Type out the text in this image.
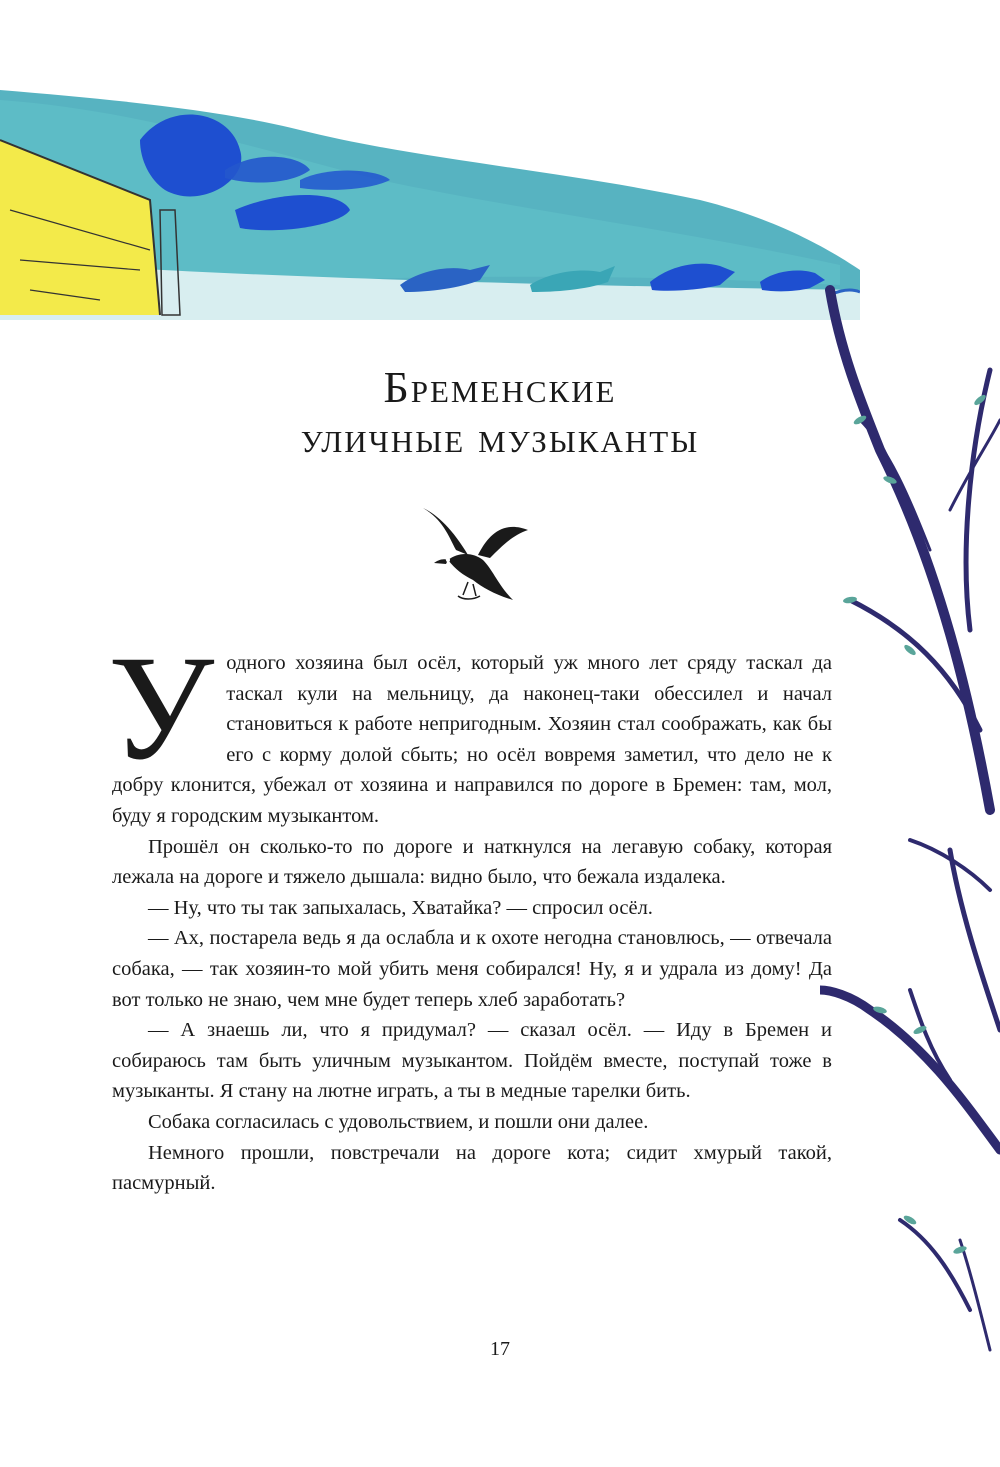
Бременские
уличные музыканты

Уодного хозяина был осёл, который уж много лет сряду таскал да таскал кули на мельницу, да наконец-таки обессилел и начал становиться к работе непригодным. Хозяин стал соображать, как бы его с корму долой сбыть; но осёл вовремя заметил, что дело не к добру клонится, убежал от хозяина и направился по дороге в Бремен: там, мол, буду я городским музыкантом.

Прошёл он сколько-то по дороге и наткнулся на легавую собаку, которая лежала на дороге и тяжело дышала: видно было, что бежала издалека.

— Ну, что ты так запыхалась, Хватайка? — спросил осёл.

— Ах, постарела ведь я да ослабла и к охоте негодна становлюсь, — отвечала собака, — так хозяин-то мой убить меня собирался! Ну, я и удрала из дому! Да вот только не знаю, чем мне будет теперь хлеб заработать?

— А знаешь ли, что я придумал? — сказал осёл. — Иду в Бремен и собираюсь там быть уличным музыкантом. Пойдём вместе, поступай тоже в музыканты. Я стану на лютне играть, а ты в медные тарелки бить.

Собака согласилась с удовольствием, и пошли они далее.

Немного прошли, повстречали на дороге кота; сидит хмурый такой, пасмурный.

17
